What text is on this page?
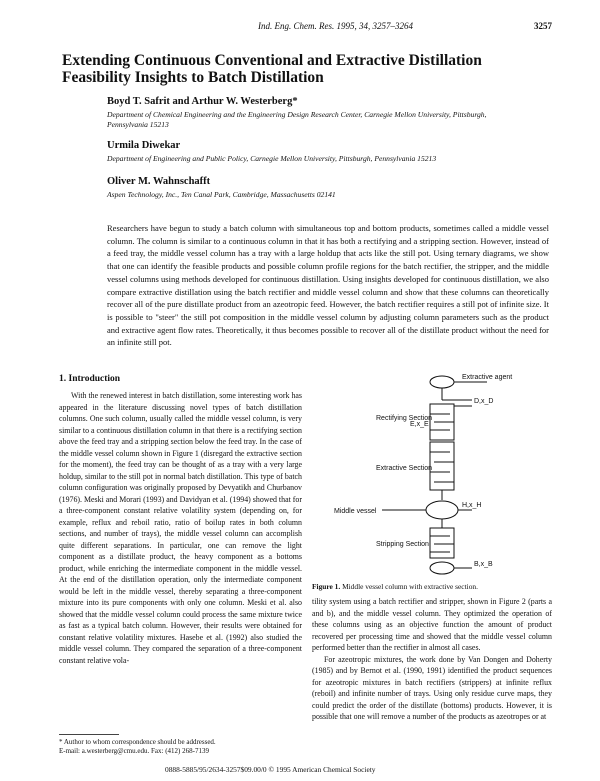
Ind. Eng. Chem. Res. 1995, 34, 3257–3264	3257
Extending Continuous Conventional and Extractive Distillation Feasibility Insights to Batch Distillation
Boyd T. Safrit and Arthur W. Westerberg*
Department of Chemical Engineering and the Engineering Design Research Center, Carnegie Mellon University, Pittsburgh, Pennsylvania 15213
Urmila Diwekar
Department of Engineering and Public Policy, Carnegie Mellon University, Pittsburgh, Pennsylvania 15213
Oliver M. Wahnschafft
Aspen Technology, Inc., Ten Canal Park, Cambridge, Massachusetts 02141

Researchers have begun to study a batch column with simultaneous top and bottom products, sometimes called a middle vessel column. The column is similar to a continuous column in that it has both a rectifying and a stripping section. However, instead of a feed tray, the middle vessel column has a tray with a large holdup that acts like the still pot. Using ternary diagrams, we show that one can identify the feasible products and possible column profile regions for the batch rectifier, the stripper, and the middle vessel columns using methods developed for continuous distillation. Using insights developed for continuous distillation, we also compare extractive distillation using the batch rectifier and middle vessel column and show that these columns can theoretically recover all of the pure distillate product from an azeotropic feed. However, the batch rectifier requires a still pot of infinite size. It is possible to "steer" the still pot composition in the middle vessel column by adjusting column parameters such as the product and extractive agent flow rates. Theoretically, it thus becomes possible to recover all of the distillate product without the need for an infinite still pot.

1. Introduction

With the renewed interest in batch distillation, some interesting work has appeared in the literature discussing novel types of batch distillation columns. One such column, usually called the middle vessel column, is very similar to a continuous distillation column in that there is a rectifying section above the feed tray and a stripping section below the feed tray. In the case of the middle vessel column shown in Figure 1 (disregard the extractive section for the moment), the feed tray can be thought of as a tray with a very large holdup, similar to the still pot in normal batch distillation. This type of batch column configuration was originally proposed by Devyatikh and Churbanov (1976). Meski and Morari (1993) and Davidyan et al. (1994) showed that for a three-component constant relative volatility system (depending on, for example, reflux and reboil ratio, ratio of boilup rates in both column sections, and number of trays), the middle vessel column can accomplish quite different separations. In particular, one can remove the light component as a distillate product, the heavy component as a bottoms product, while enriching the intermediate component in the middle vessel. At the end of the distillation operation, only the intermediate component would be left in the middle vessel, thereby separating a three-component mixture into its pure components with only one column. Meski et al. also showed that the middle vessel column could process the same mixture twice as fast as a typical batch column. However, their results were obtained for constant relative volatility mixtures. Hasebe et al. (1992) also studied the middle vessel column. They compared the separation of a three-component constant relative vola-

Extractive agent
D,x_D
E,x_E
Rectifying Section
Extractive Section
Middle vessel
H,x_H
Stripping Section
B,x_B
Figure 1. Middle vessel column with extractive section.

tility system using a batch rectifier and stripper, shown in Figure 2 (parts a and b), and the middle vessel column. They optimized the operation of these columns using as an objective function the amount of product recovered per processing time and showed that the middle vessel column performed better than the rectifier in almost all cases.

For azeotropic mixtures, the work done by Van Dongen and Doherty (1985) and by Bernot et al. (1990, 1991) identified the product sequences for azeotropic mixtures in batch rectifiers (strippers) at infinite reflux (reboil) and infinite number of trays. Using only residue curve maps, they could predict the order of the distillate (bottoms) products. However, it is possible that one will remove a number of the products as azeotropes or at

* Author to whom correspondence should be addressed.
E-mail: a.westerberg@cmu.edu. Fax: (412) 268-7139
0888-5885/95/2634-3257$09.00/0 © 1995 American Chemical Society
